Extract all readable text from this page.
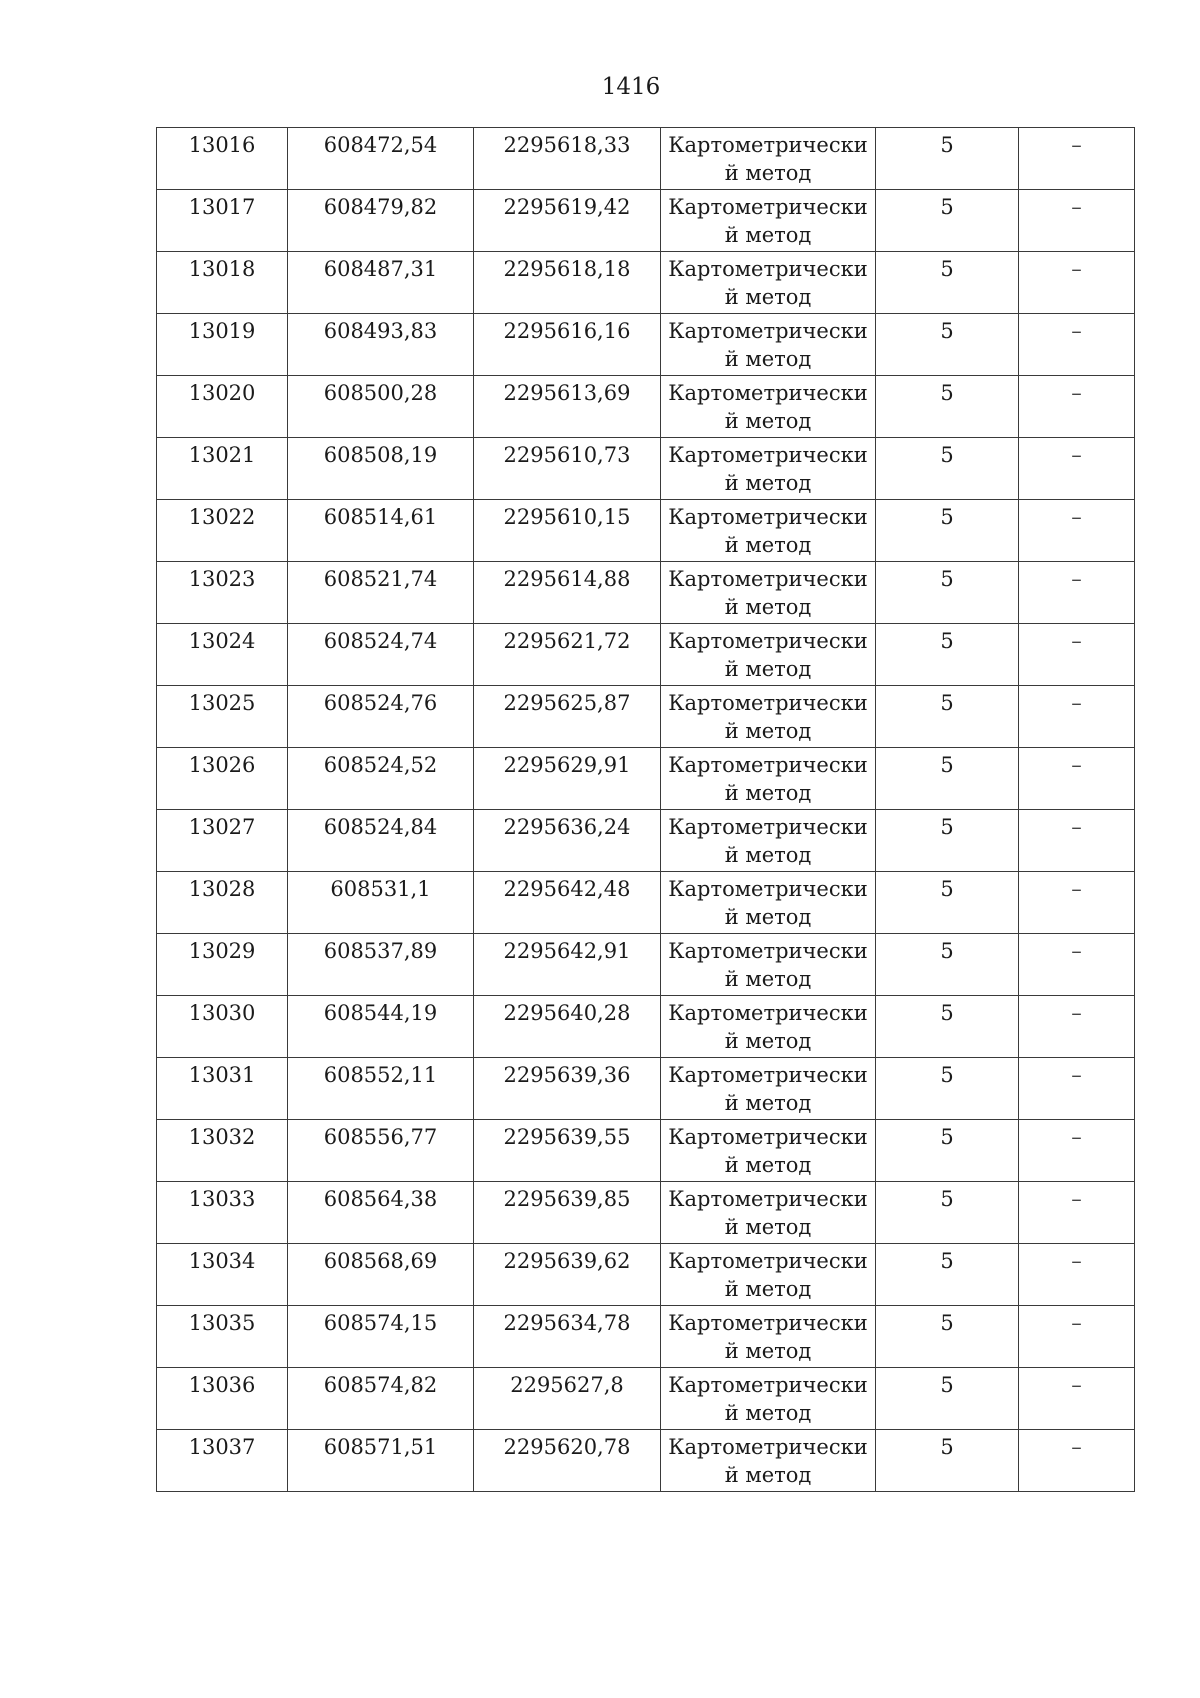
1416
13016	608472,54	2295618,33	Картометрический метод	5	–
13017	608479,82	2295619,42	Картометрический метод	5	–
13018	608487,31	2295618,18	Картометрический метод	5	–
13019	608493,83	2295616,16	Картометрический метод	5	–
13020	608500,28	2295613,69	Картометрический метод	5	–
13021	608508,19	2295610,73	Картометрический метод	5	–
13022	608514,61	2295610,15	Картометрический метод	5	–
13023	608521,74	2295614,88	Картометрический метод	5	–
13024	608524,74	2295621,72	Картометрический метод	5	–
13025	608524,76	2295625,87	Картометрический метод	5	–
13026	608524,52	2295629,91	Картометрический метод	5	–
13027	608524,84	2295636,24	Картометрический метод	5	–
13028	608531,1	2295642,48	Картометрический метод	5	–
13029	608537,89	2295642,91	Картометрический метод	5	–
13030	608544,19	2295640,28	Картометрический метод	5	–
13031	608552,11	2295639,36	Картометрический метод	5	–
13032	608556,77	2295639,55	Картометрический метод	5	–
13033	608564,38	2295639,85	Картометрический метод	5	–
13034	608568,69	2295639,62	Картометрический метод	5	–
13035	608574,15	2295634,78	Картометрический метод	5	–
13036	608574,82	2295627,8	Картометрический метод	5	–
13037	608571,51	2295620,78	Картометрический метод	5	–
